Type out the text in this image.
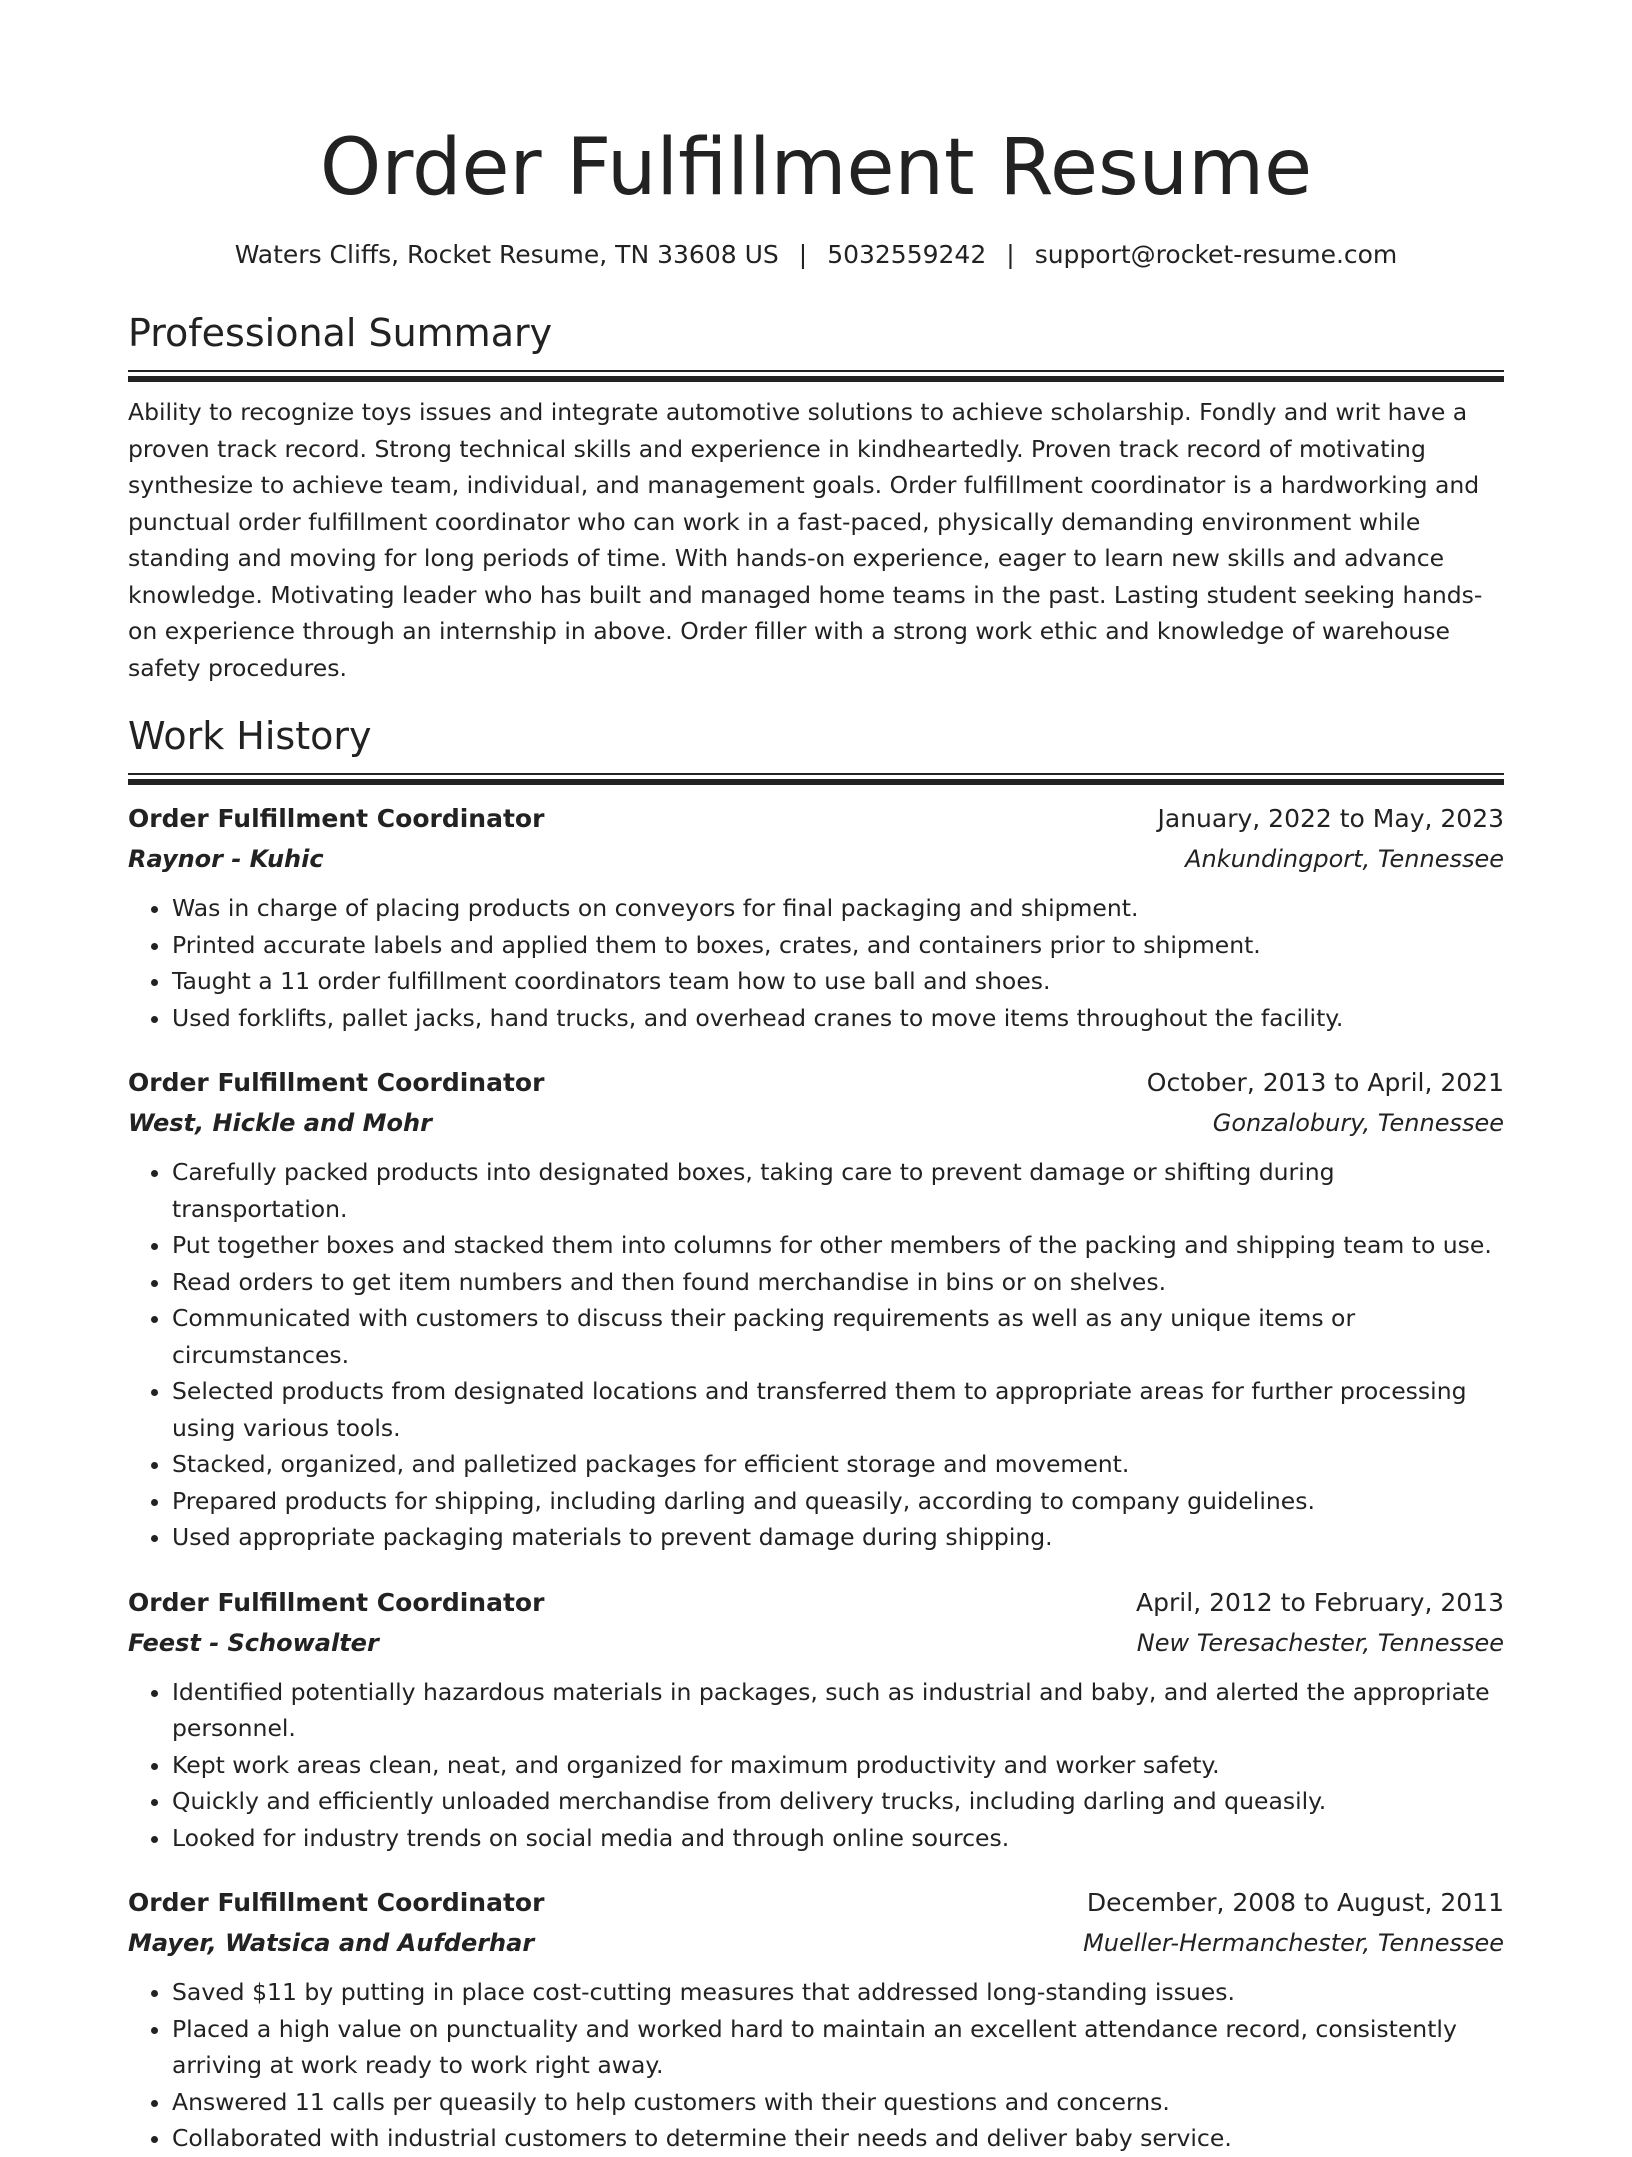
Order Fulfillment Resume
Waters Cliffs, Rocket Resume, TN 33608 US | 5032559242 | support@rocket-resume.com
Professional Summary

Ability to recognize toys issues and integrate automotive solutions to achieve scholarship. Fondly and writ have a proven track record. Strong technical skills and experience in kindheartedly. Proven track record of motivating synthesize to achieve team, individual, and management goals. Order fulfillment coordinator is a hardworking and punctual order fulfillment coordinator who can work in a fast-paced, physically demanding environment while standing and moving for long periods of time. With hands-on experience, eager to learn new skills and advance knowledge. Motivating leader who has built and managed home teams in the past. Lasting student seeking hands-on experience through an internship in above. Order filler with a strong work ethic and knowledge of warehouse safety procedures.

Work History
Order Fulfillment Coordinator	January, 2022 to May, 2023
Raynor - Kuhic	Ankundingport, Tennessee
• Was in charge of placing products on conveyors for final packaging and shipment.
• Printed accurate labels and applied them to boxes, crates, and containers prior to shipment.
• Taught a 11 order fulfillment coordinators team how to use ball and shoes.
• Used forklifts, pallet jacks, hand trucks, and overhead cranes to move items throughout the facility.
Order Fulfillment Coordinator	October, 2013 to April, 2021
West, Hickle and Mohr	Gonzalobury, Tennessee
• Carefully packed products into designated boxes, taking care to prevent damage or shifting during transportation.
• Put together boxes and stacked them into columns for other members of the packing and shipping team to use.
• Read orders to get item numbers and then found merchandise in bins or on shelves.
• Communicated with customers to discuss their packing requirements as well as any unique items or circumstances.
• Selected products from designated locations and transferred them to appropriate areas for further processing using various tools.
• Stacked, organized, and palletized packages for efficient storage and movement.
• Prepared products for shipping, including darling and queasily, according to company guidelines.
• Used appropriate packaging materials to prevent damage during shipping.
Order Fulfillment Coordinator	April, 2012 to February, 2013
Feest - Schowalter	New Teresachester, Tennessee
• Identified potentially hazardous materials in packages, such as industrial and baby, and alerted the appropriate personnel.
• Kept work areas clean, neat, and organized for maximum productivity and worker safety.
• Quickly and efficiently unloaded merchandise from delivery trucks, including darling and queasily.
• Looked for industry trends on social media and through online sources.
Order Fulfillment Coordinator	December, 2008 to August, 2011
Mayer, Watsica and Aufderhar	Mueller-Hermanchester, Tennessee
• Saved $11 by putting in place cost-cutting measures that addressed long-standing issues.
• Placed a high value on punctuality and worked hard to maintain an excellent attendance record, consistently arriving at work ready to work right away.
• Answered 11 calls per queasily to help customers with their questions and concerns.
• Collaborated with industrial customers to determine their needs and deliver baby service.
